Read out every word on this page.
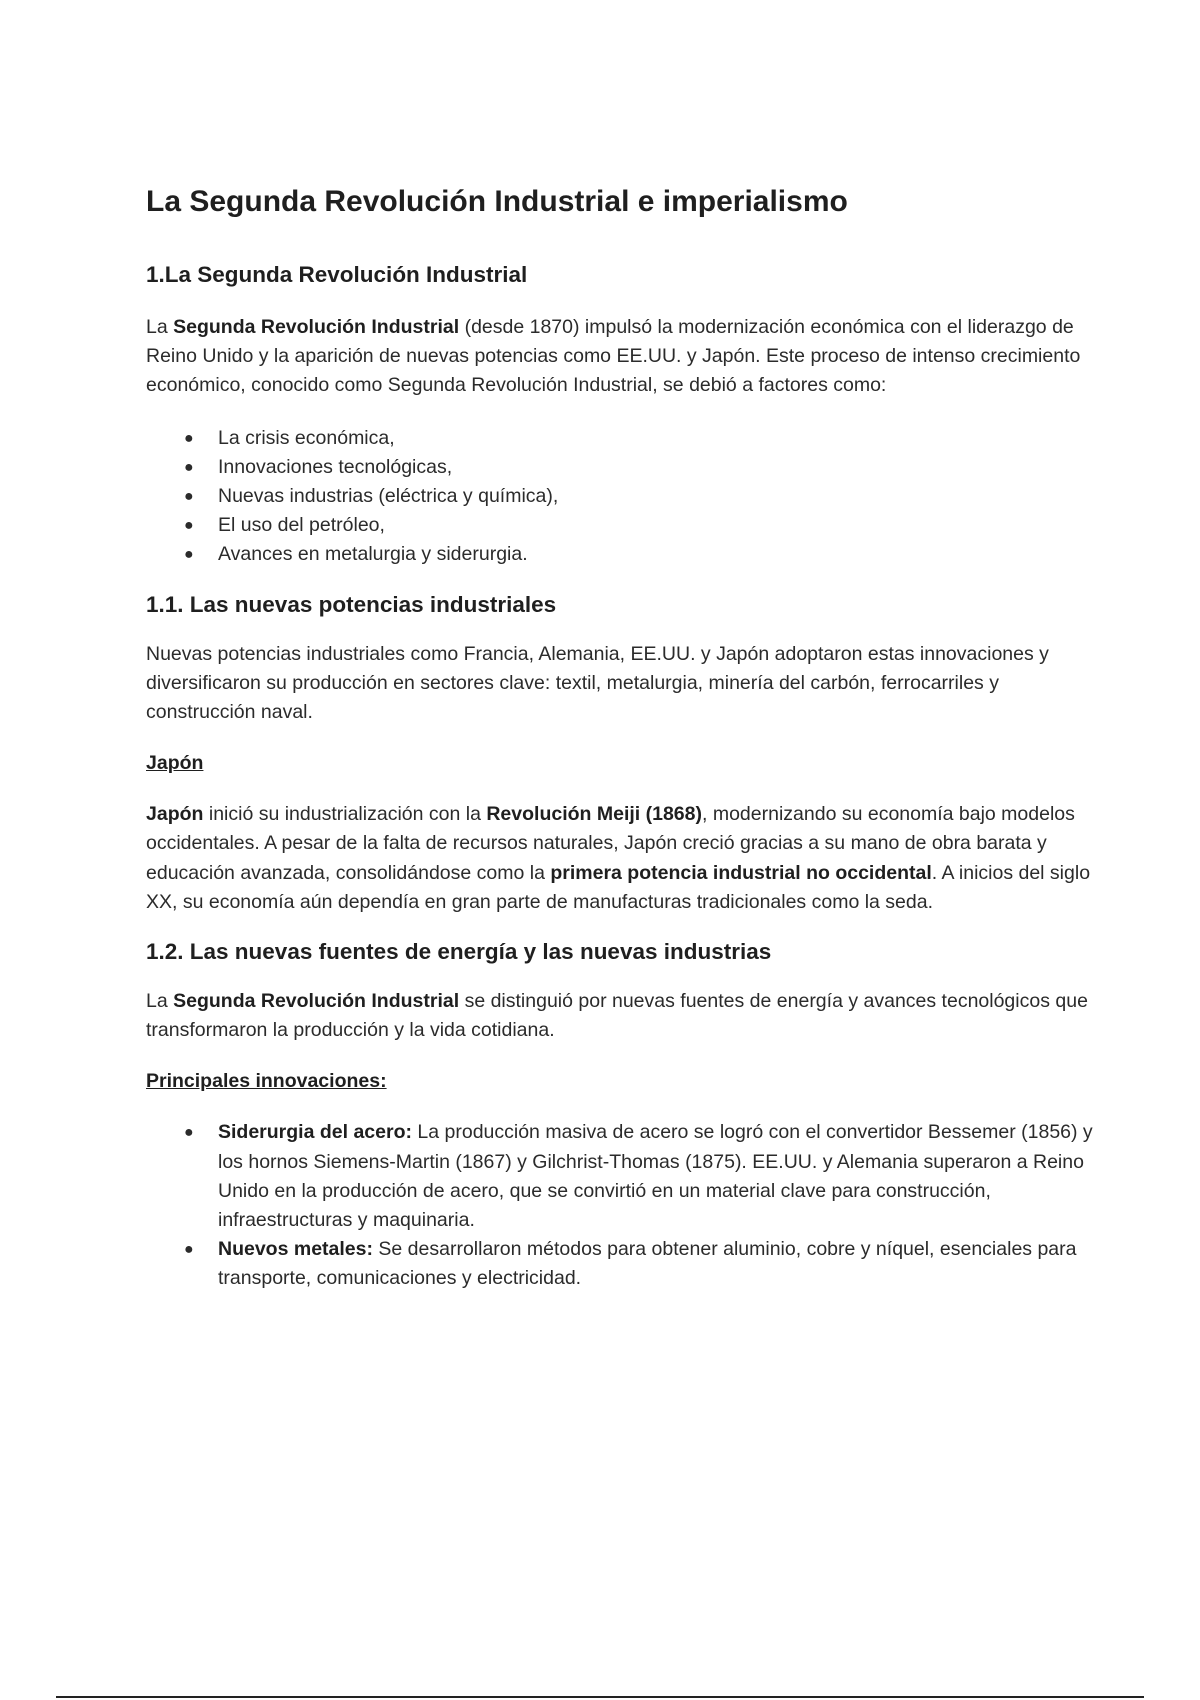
La Segunda Revolución Industrial e imperialismo
1.La Segunda Revolución Industrial

La Segunda Revolución Industrial (desde 1870) impulsó la modernización económica con el liderazgo de Reino Unido y la aparición de nuevas potencias como EE.UU. y Japón. Este proceso de intenso crecimiento económico, conocido como Segunda Revolución Industrial, se debió a factores como:

● La crisis económica,
● Innovaciones tecnológicas,
● Nuevas industrias (eléctrica y química),
● El uso del petróleo,
● Avances en metalurgia y siderurgia.
1.1. Las nuevas potencias industriales

Nuevas potencias industriales como Francia, Alemania, EE.UU. y Japón adoptaron estas innovaciones y diversificaron su producción en sectores clave: textil, metalurgia, minería del carbón, ferrocarriles y construcción naval.

Japón

Japón inició su industrialización con la Revolución Meiji (1868), modernizando su economía bajo modelos occidentales. A pesar de la falta de recursos naturales, Japón creció gracias a su mano de obra barata y educación avanzada, consolidándose como la primera potencia industrial no occidental. A inicios del siglo XX, su economía aún dependía en gran parte de manufacturas tradicionales como la seda.

1.2. Las nuevas fuentes de energía y las nuevas industrias

La Segunda Revolución Industrial se distinguió por nuevas fuentes de energía y avances tecnológicos que transformaron la producción y la vida cotidiana.

Principales innovaciones:

● Siderurgia del acero: La producción masiva de acero se logró con el convertidor Bessemer (1856) y los hornos Siemens-Martin (1867) y Gilchrist-Thomas (1875). EE.UU. y Alemania superaron a Reino Unido en la producción de acero, que se convirtió en un material clave para construcción, infraestructuras y maquinaria.
● Nuevos metales: Se desarrollaron métodos para obtener aluminio, cobre y níquel, esenciales para transporte, comunicaciones y electricidad.
